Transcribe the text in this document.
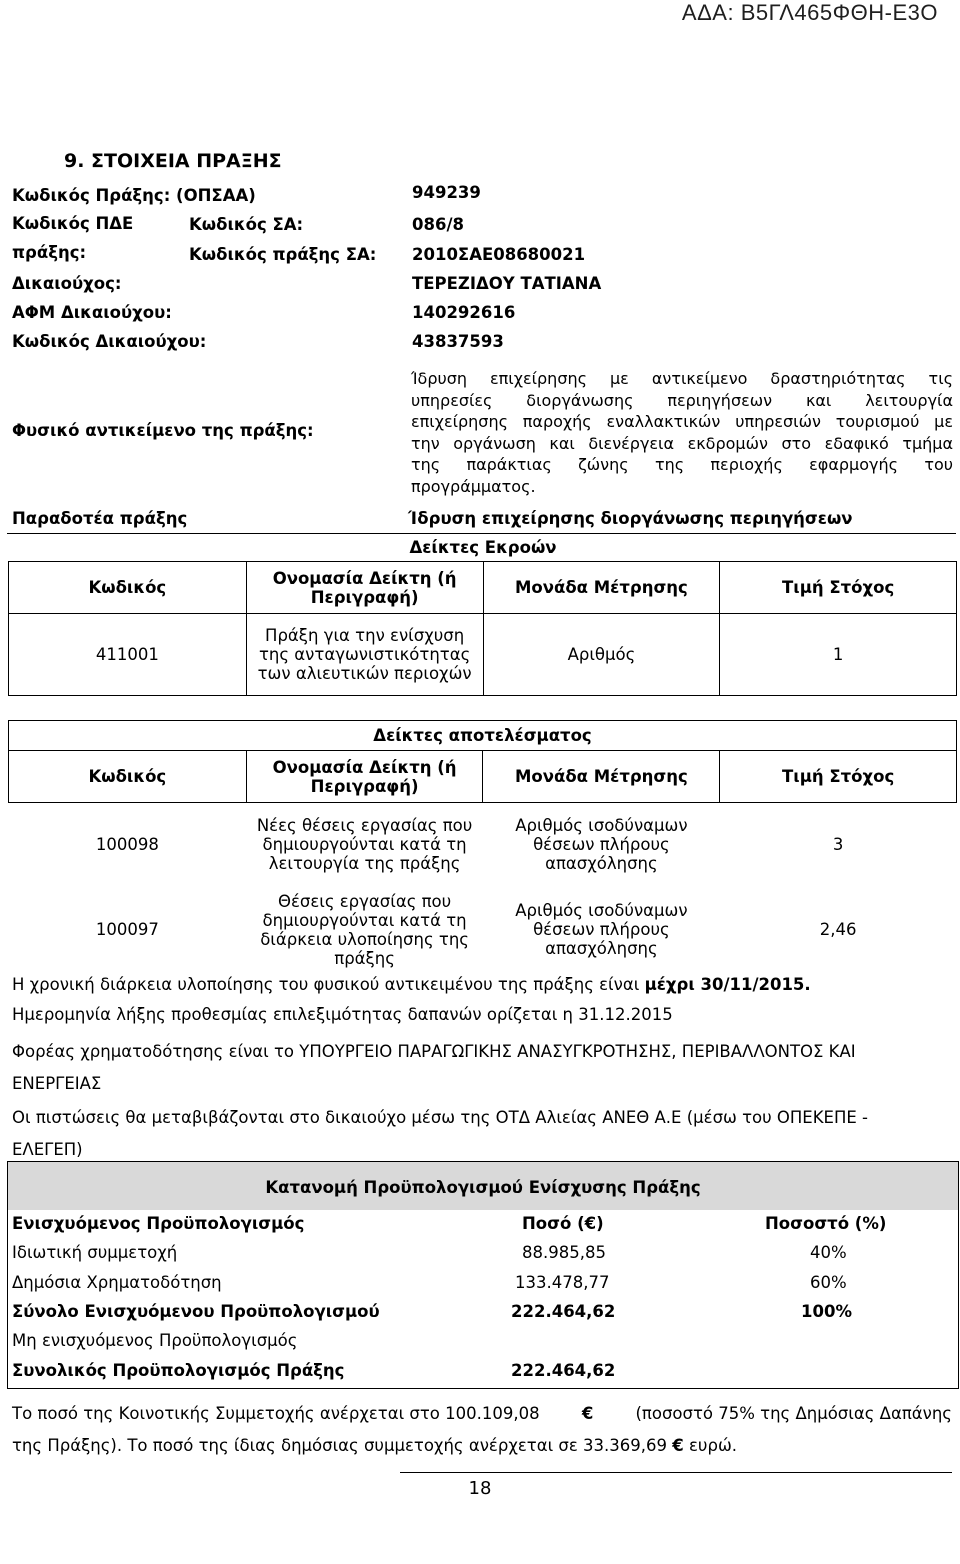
ΑΔΑ: Β5ΓΛ465ΦΘΗ-Ε3Ο
9. ΣΤΟΙΧΕΙΑ ΠΡΑΞΗΣ
Κωδικός Πράξης: (ΟΠΣΑΑ)	949239
Κωδικός ΠΔΕ	Κωδικός ΣΑ:	086/8
πράξης:	Κωδικός πράξης ΣΑ: 2010ΣΑΕ08680021
Δικαιούχος:	ΤΕΡΕΖΙΔΟΥ ΤΑΤΙΑΝΑ
ΑΦΜ Δικαιούχου:	140292616
Κωδικός Δικαιούχου:	43837593
Φυσικό αντικείμενο της πράξης:
Ίδρυση επιχείρησης με αντικείμενο δραστηριότητας τις
υπηρεσίες διοργάνωσης περιηγήσεων και λειτουργία
επιχείρησης παροχής εναλλακτικών υπηρεσιών τουρισμού με
την οργάνωση και διενέργεια εκδρομών στο εδαφικό τμήμα
της παράκτιας ζώνης της περιοχής εφαρμογής του
προγράμματος.
Παραδοτέα πράξης	Ίδρυση επιχείρησης διοργάνωσης περιηγήσεων
Δείκτες Εκροών
Κωδικός	Ονομασία Δείκτη (ή Περιγραφή)	Μονάδα Μέτρησης	Τιμή Στόχος
411001	Πράξη για την ενίσχυση της ανταγωνιστικότητας των αλιευτικών περιοχών	Αριθμός	1
Δείκτες αποτελέσματος			
Κωδικός	Ονομασία Δείκτη (ή Περιγραφή)	Μονάδα Μέτρησης	Τιμή Στόχος
100098	Νέες θέσεις εργασίας που δημιουργούνται κατά τη λειτουργία της πράξης	Αριθμός ισοδύναμων θέσεων πλήρους απασχόλησης	3
100097	Θέσεις εργασίας που δημιουργούνται κατά τη διάρκεια υλοποίησης της πράξης	Αριθμός ισοδύναμων θέσεων πλήρους απασχόλησης	2,46
Η χρονική διάρκεια υλοποίησης του φυσικού αντικειμένου της πράξης είναι μέχρι 30/11/2015.
Ημερομηνία λήξης προθεσμίας επιλεξιμότητας δαπανών ορίζεται η 31.12.2015
Φορέας χρηματοδότησης είναι το ΥΠΟΥΡΓΕΙΟ ΠΑΡΑΓΩΓΙΚΗΣ ΑΝΑΣΥΓΚΡΟΤΗΣΗΣ, ΠΕΡΙΒΑΛΛΟΝΤΟΣ ΚΑΙ
ΕΝΕΡΓΕΙΑΣ
Οι πιστώσεις θα μεταβιβάζονται στο δικαιούχο μέσω της ΟΤΔ Αλιείας ΑΝΕΘ Α.Ε (μέσω του ΟΠΕΚΕΠΕ -
ΕΛΕΓΕΠ)
Κατανομή Προϋπολογισμού Ενίσχυσης Πράξης
Ενισχυόμενος Προϋπολογισμός	Ποσό (€)	Ποσοστό (%)
Ιδιωτική συμμετοχή	88.985,85	40%
Δημόσια Χρηματοδότηση	133.478,77	60%
Σύνολο Ενισχυόμενου Προϋπολογισμού	222.464,62	100%
Μη ενισχυόμενος Προϋπολογισμός
Συνολικός Προϋπολογισμός Πράξης	222.464,62
Το ποσό της Κοινοτικής Συμμετοχής ανέρχεται στο 100.109,08	€	(ποσοστό 75% της Δημόσιας Δαπάνης
της Πράξης). Το ποσό της ίδιας δημόσιας συμμετοχής ανέρχεται σε 33.369,69 € ευρώ.
18
